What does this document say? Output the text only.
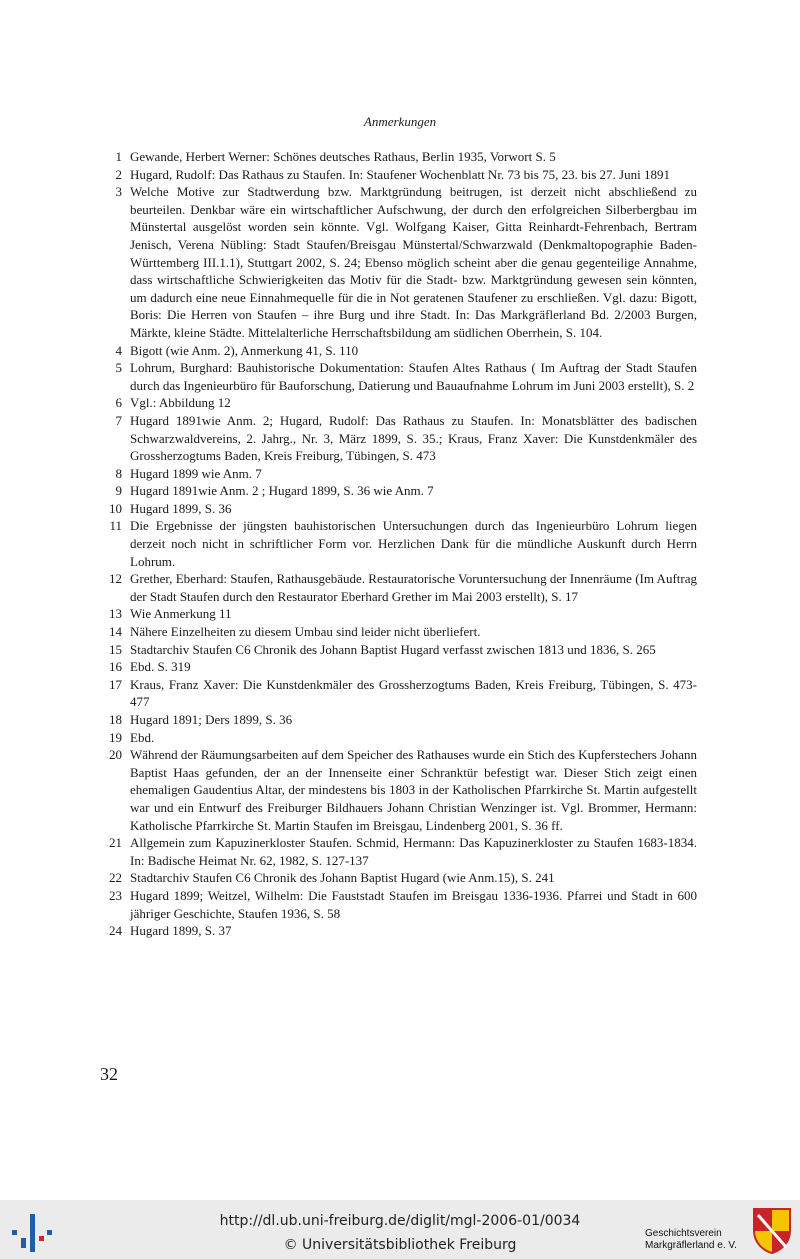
Anmerkungen
1 Gewande, Herbert Werner: Schönes deutsches Rathaus, Berlin 1935, Vorwort S. 5
2 Hugard, Rudolf: Das Rathaus zu Staufen. In: Staufener Wochenblatt Nr. 73 bis 75, 23. bis 27. Juni 1891
3 Welche Motive zur Stadtwerdung bzw. Marktgründung beitrugen, ist derzeit nicht abschließend zu beurteilen. Denkbar wäre ein wirtschaftlicher Aufschwung, der durch den erfolgreichen Silberbergbau im Münstertal ausgelöst worden sein könnte. Vgl. Wolfgang Kaiser, Gitta Reinhardt-Fehrenbach, Bertram Jenisch, Verena Nübling: Stadt Staufen/Breisgau Münstertal/Schwarzwald (Denkmaltopographie Baden-Württemberg III.1.1), Stuttgart 2002, S. 24; Ebenso möglich scheint aber die genau gegenteilige Annahme, dass wirtschaftliche Schwierigkeiten das Motiv für die Stadt- bzw. Marktgründung gewesen sein könnten, um dadurch eine neue Einnahmequelle für die in Not geratenen Staufener zu erschließen. Vgl. dazu: Bigott, Boris: Die Herren von Staufen – ihre Burg und ihre Stadt. In: Das Markgräflerland Bd. 2/2003 Burgen, Märkte, kleine Städte. Mittelalterliche Herrschaftsbildung am südlichen Oberrhein, S. 104.
4 Bigott (wie Anm. 2), Anmerkung 41, S. 110
5 Lohrum, Burghard: Bauhistorische Dokumentation: Staufen Altes Rathaus ( Im Auftrag der Stadt Staufen durch das Ingenieurbüro für Bauforschung, Datierung und Bauaufnahme Lohrum im Juni 2003 erstellt), S. 2
6 Vgl.: Abbildung 12
7 Hugard 1891wie Anm. 2; Hugard, Rudolf: Das Rathaus zu Staufen. In: Monatsblätter des badischen Schwarzwaldvereins, 2. Jahrg., Nr. 3, März 1899, S. 35.; Kraus, Franz Xaver: Die Kunstdenkmäler des Grossherzogtums Baden, Kreis Freiburg, Tübingen, S. 473
8 Hugard 1899 wie Anm. 7
9 Hugard 1891wie Anm. 2 ; Hugard 1899, S. 36 wie Anm. 7
10 Hugard 1899, S. 36
11 Die Ergebnisse der jüngsten bauhistorischen Untersuchungen durch das Ingenieurbüro Lohrum liegen derzeit noch nicht in schriftlicher Form vor. Herzlichen Dank für die mündliche Auskunft durch Herrn Lohrum.
12 Grether, Eberhard: Staufen, Rathausgebäude. Restauratorische Voruntersuchung der Innenräume (Im Auftrag der Stadt Staufen durch den Restaurator Eberhard Grether im Mai 2003 erstellt), S. 17
13 Wie Anmerkung 11
14 Nähere Einzelheiten zu diesem Umbau sind leider nicht überliefert.
15 Stadtarchiv Staufen C6 Chronik des Johann Baptist Hugard verfasst zwischen 1813 und 1836, S. 265
16 Ebd. S. 319
17 Kraus, Franz Xaver: Die Kunstdenkmäler des Grossherzogtums Baden, Kreis Freiburg, Tübingen, S. 473-477
18 Hugard 1891; Ders 1899, S. 36
19 Ebd.
20 Während der Räumungsarbeiten auf dem Speicher des Rathauses wurde ein Stich des Kupferstechers Johann Baptist Haas gefunden, der an der Innenseite einer Schranktür befestigt war. Dieser Stich zeigt einen ehemaligen Gaudentius Altar, der mindestens bis 1803 in der Katholischen Pfarrkirche St. Martin aufgestellt war und ein Entwurf des Freiburger Bildhauers Johann Christian Wenzinger ist. Vgl. Brommer, Hermann: Katholische Pfarrkirche St. Martin Staufen im Breisgau, Lindenberg 2001, S. 36 ff.
21 Allgemein zum Kapuzinerkloster Staufen. Schmid, Hermann: Das Kapuzinerkloster zu Staufen 1683-1834. In: Badische Heimat Nr. 62, 1982, S. 127-137
22 Stadtarchiv Staufen C6 Chronik des Johann Baptist Hugard (wie Anm.15), S. 241
23 Hugard 1899; Weitzel, Wilhelm: Die Fauststadt Staufen im Breisgau 1336-1936. Pfarrei und Stadt in 600 jähriger Geschichte, Staufen 1936, S. 58
24 Hugard 1899, S. 37
32
http://dl.ub.uni-freiburg.de/diglit/mgl-2006-01/0034
© Universitätsbibliothek Freiburg
Geschichtsverein
Markgräflerland e. V.
